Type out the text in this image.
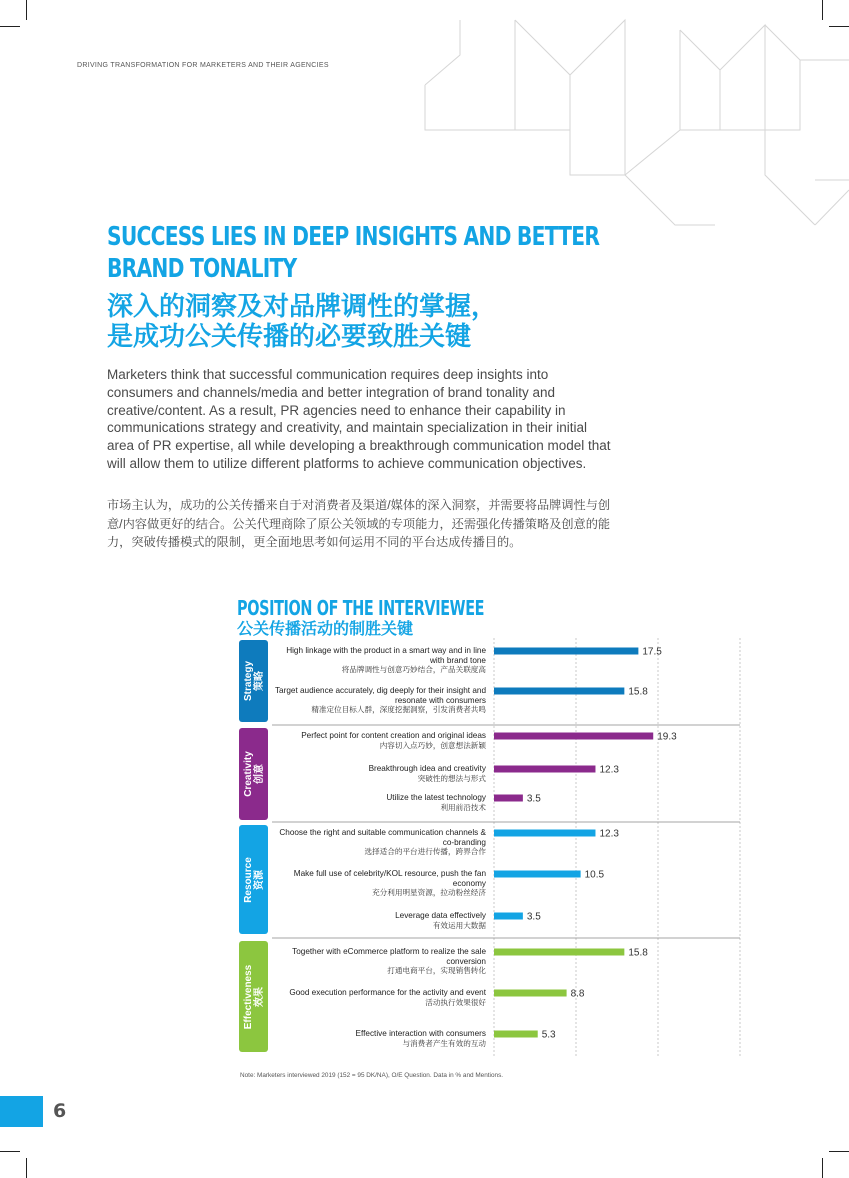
DRIVING TRANSFORMATION FOR MARKETERS AND THEIR AGENCIES
SUCCESS LIES IN DEEP INSIGHTS AND BETTER
BRAND TONALITY
深入的洞察及对品牌调性的掌握，
是成功公关传播的必要致胜关键
Marketers think that successful communication requires deep insights into consumers and channels/media and better integration of brand tonality and creative/content. As a result, PR agencies need to enhance their capability in communications strategy and creativity, and maintain specialization in their initial area of PR expertise, all while developing a breakthrough communication model that will allow them to utilize different platforms to achieve communication objectives.
市场主认为，成功的公关传播来自于对消费者及渠道/媒体的深入洞察，并需要将品牌调性与创意/内容做更好的结合。公关代理商除了原公关领域的专项能力，还需强化传播策略及创意的能力，突破传播模式的限制，更全面地思考如何运用不同的平台达成传播目的。
POSITION OF THE INTERVIEWEE
公关传播活动的制胜关键
17.5
15.8
19.3
12.3
3.5
12.3
10.5
3.5
15.8
8.8
5.3
Strategy 策略
High linkage with the product in a smart way and in line with brand tone
将品牌调性与创意巧妙结合，产品关联度高
Target audience accurately, dig deeply for their insight and resonate with consumers
精准定位目标人群，深度挖掘洞察，引发消费者共鸣
Creativity 创意
Perfect point for content creation and original ideas
内容切入点巧妙，创意想法新颖
Breakthrough idea and creativity
突破性的想法与形式
Utilize the latest technology
利用前沿技术
Resource 资源
Choose the right and suitable communication channels & co-branding
选择适合的平台进行传播，跨界合作
Make full use of celebrity/KOL resource, push the fan economy
充分利用明星资源，拉动粉丝经济
Leverage data effectively
有效运用大数据
Effectiveness 效果
Together with eCommerce platform to realize the sale conversion
打通电商平台，实现销售转化
Good execution performance for the activity and event
活动执行效果很好
Effective interaction with consumers
与消费者产生有效的互动
Note: Marketers interviewed 2019 (152 = 95 DK/NA), O/E Question. Data in % and Mentions.
6
